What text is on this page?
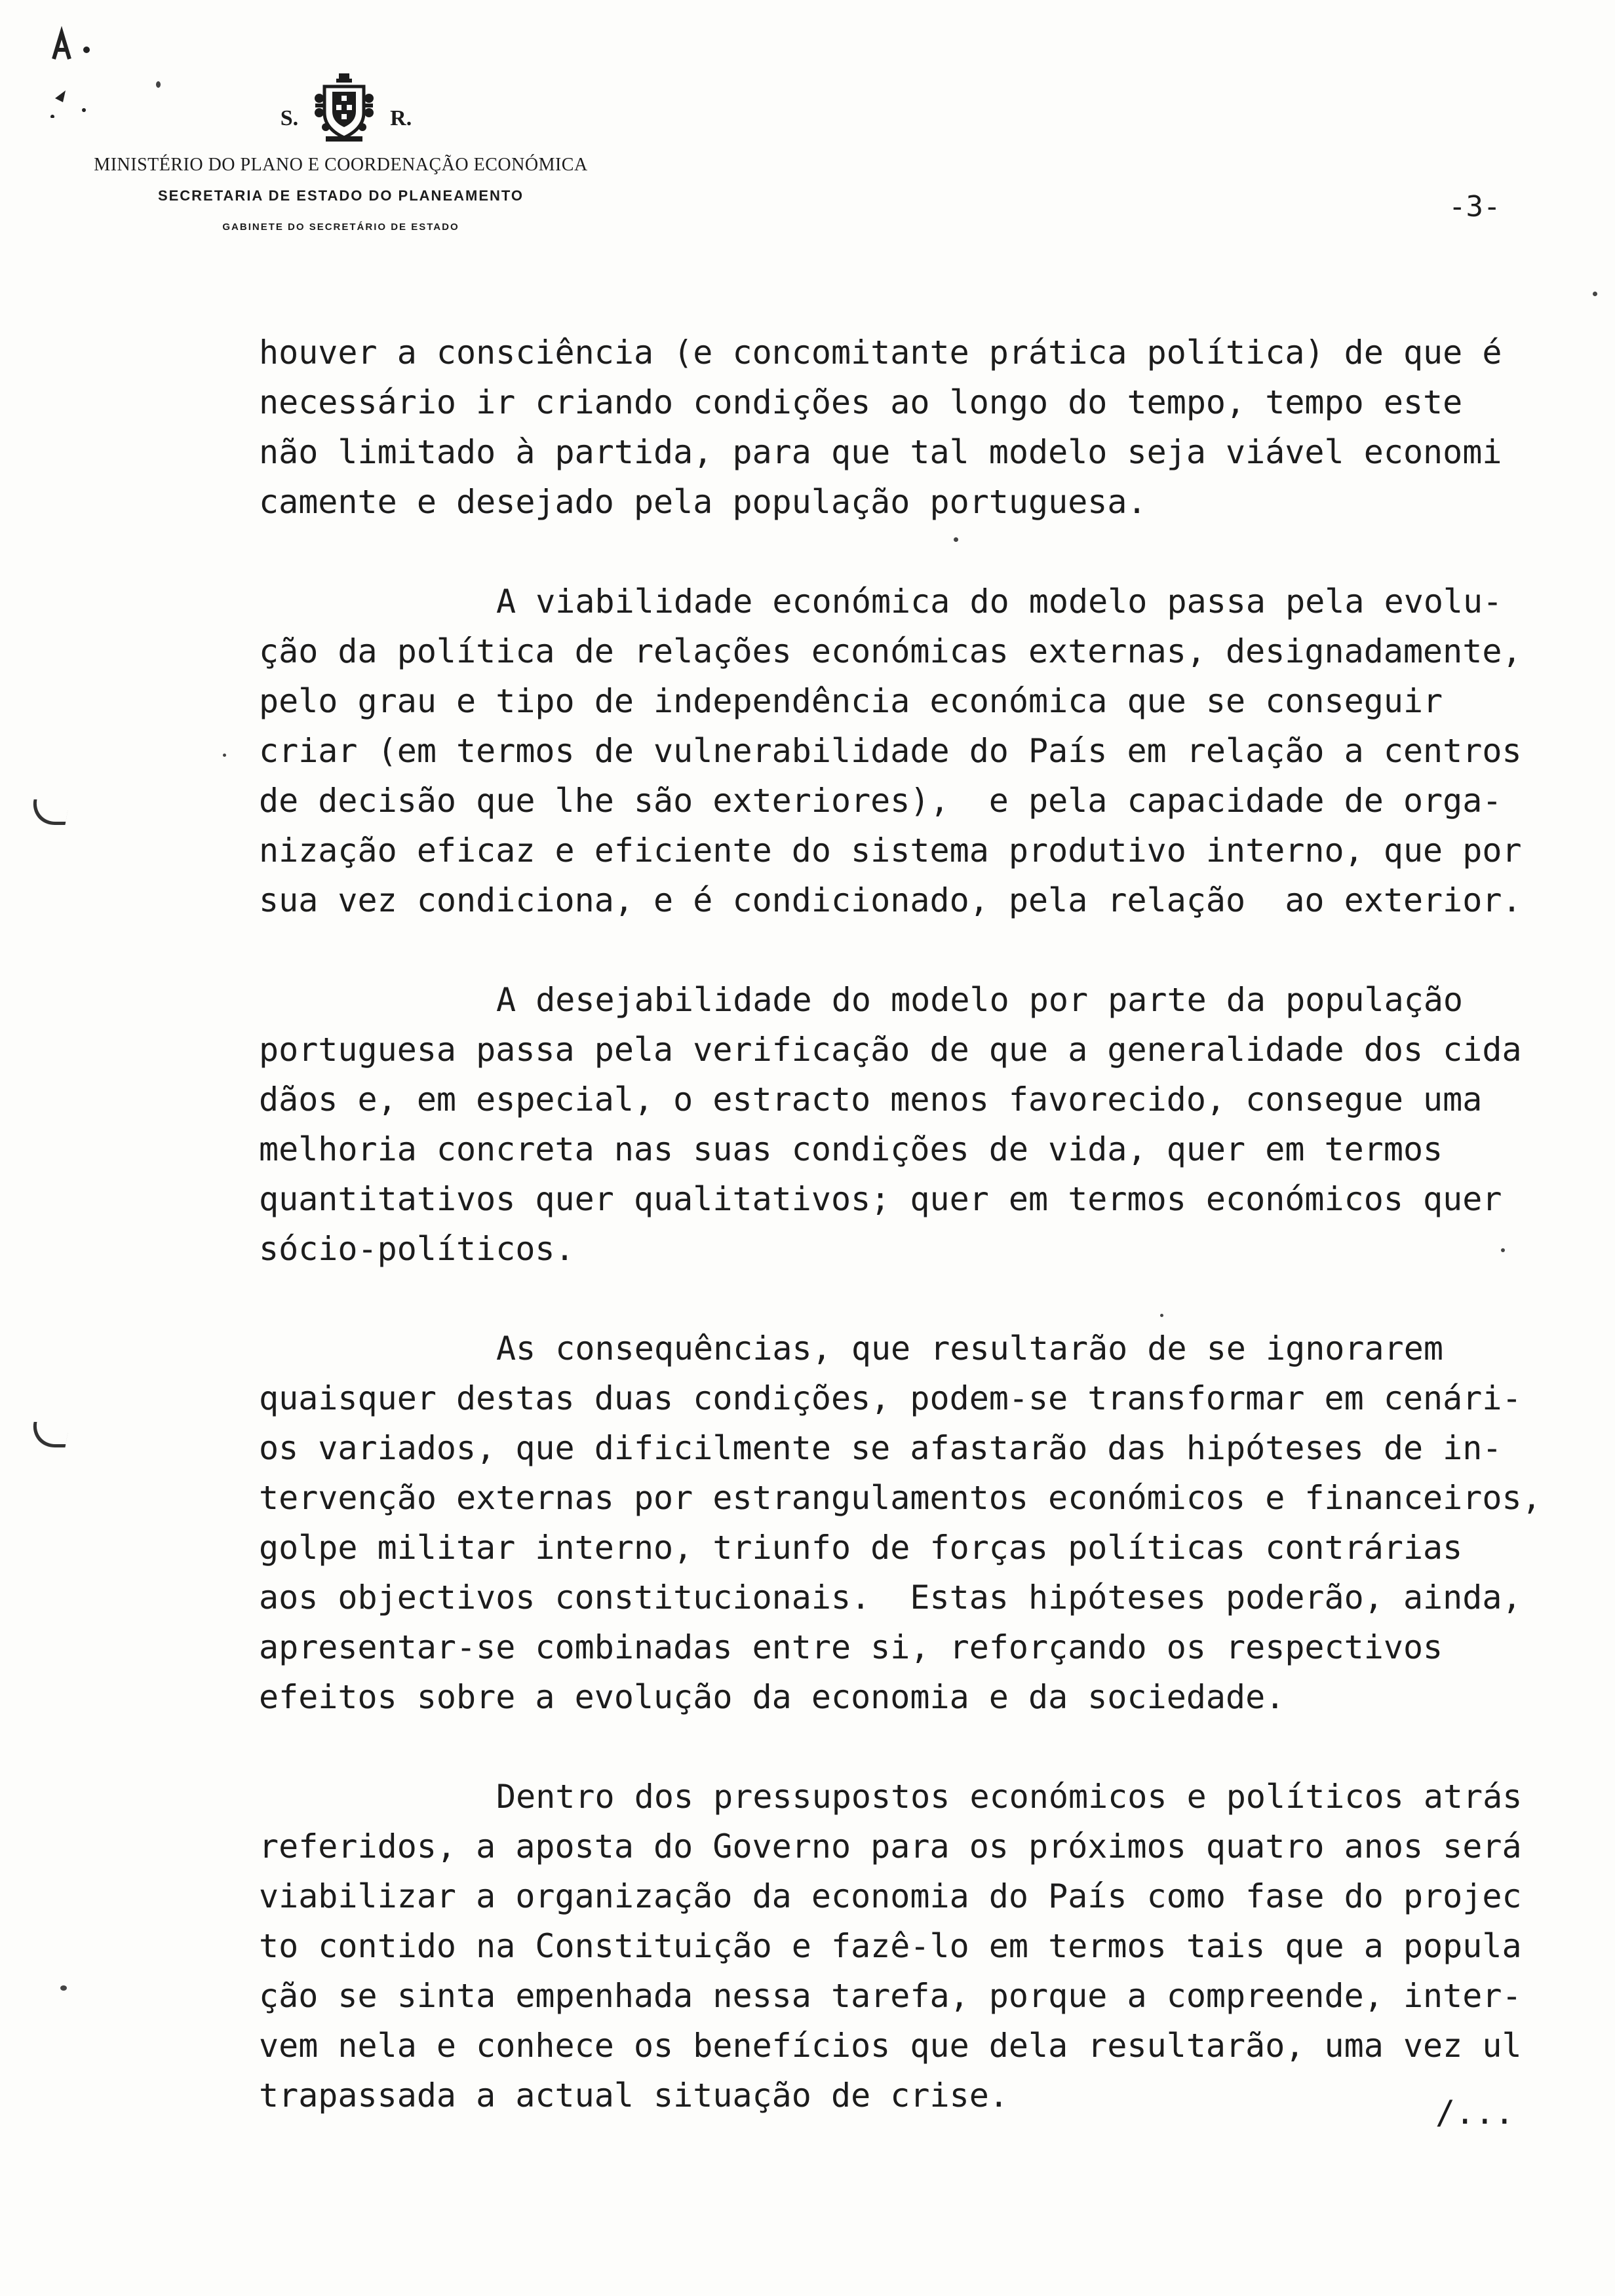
S.	R.

MINISTÉRIO DO PLANO E COORDENAÇÃO ECONÓMICA

SECRETARIA DE ESTADO DO PLANEAMENTO

GABINETE DO SECRETÁRIO DE ESTADO

-3-
houver a consciência (e concomitante prática política) de que é
necessário ir criando condições ao longo do tempo, tempo este
não limitado à partida, para que tal modelo seja viável economi
camente e desejado pela população portuguesa.
A viabilidade económica do modelo passa pela evolu-
ção da política de relações económicas externas, designadamente,
pelo grau e tipo de independência económica que se conseguir
criar (em termos de vulnerabilidade do País em relação a centros
de decisão que lhe são exteriores),  e pela capacidade de orga-
nização eficaz e eficiente do sistema produtivo interno, que por
sua vez condiciona, e é condicionado, pela relação  ao exterior.
A desejabilidade do modelo por parte da população
portuguesa passa pela verificação de que a generalidade dos cida
dãos e, em especial, o estracto menos favorecido, consegue uma
melhoria concreta nas suas condições de vida, quer em termos
quantitativos quer qualitativos; quer em termos económicos quer
sócio-políticos.
As consequências, que resultarão de se ignorarem
quaisquer destas duas condições, podem-se transformar em cenári-
os variados, que dificilmente se afastarão das hipóteses de in-
tervenção externas por estrangulamentos económicos e financeiros,
golpe militar interno, triunfo de forças políticas contrárias
aos objectivos constitucionais.  Estas hipóteses poderão, ainda,
apresentar-se combinadas entre si, reforçando os respectivos
efeitos sobre a evolução da economia e da sociedade.
Dentro dos pressupostos económicos e políticos atrás
referidos, a aposta do Governo para os próximos quatro anos será
viabilizar a organização da economia do País como fase do projec
to contido na Constituição e fazê-lo em termos tais que a popula
ção se sinta empenhada nessa tarefa, porque a compreende, inter-
vem nela e conhece os benefícios que dela resultarão, uma vez ul
trapassada a actual situação de crise.	/...
